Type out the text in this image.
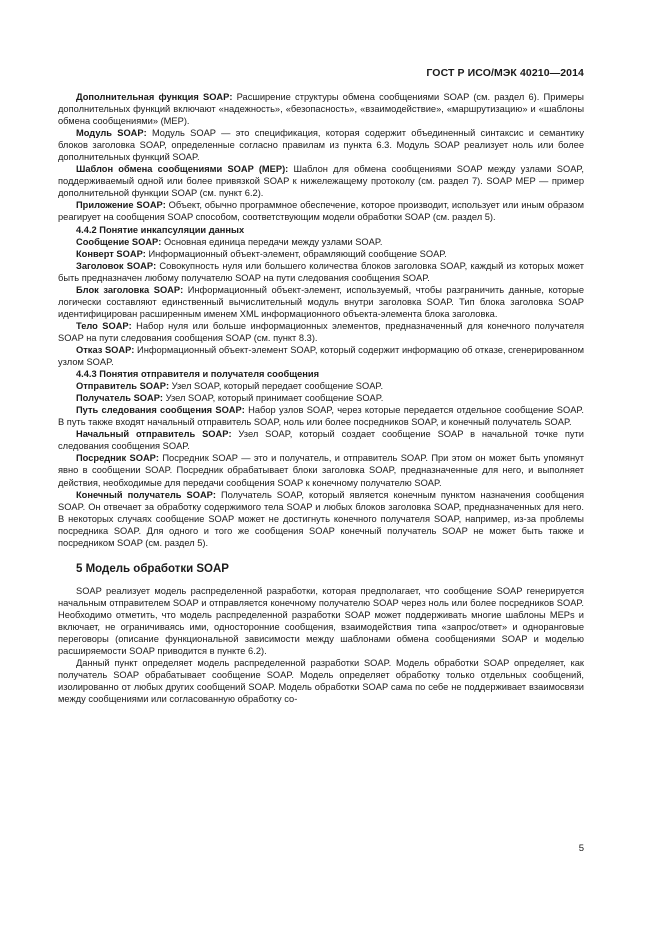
ГОСТ Р ИСО/МЭК 40210—2014

Дополнительная функция SOAP: Расширение структуры обмена сообщениями SOAP (см. раздел 6). Примеры дополнительных функций включают «надежность», «безопасность», «взаимодействие», «маршрутизацию» и «шаблоны обмена сообщениями» (MEP).

Модуль SOAP: Модуль SOAP — это спецификация, которая содержит объединенный синтаксис и семантику блоков заголовка SOAP, определенные согласно правилам из пункта 6.3. Модуль SOAP реализует ноль или более дополнительных функций SOAP.

Шаблон обмена сообщениями SOAP (MEP): Шаблон для обмена сообщениями SOAP между узлами SOAP, поддерживаемый одной или более привязкой SOAP к нижележащему протоколу (см. раздел 7). SOAP MEP — пример дополнительной функции SOAP (см. пункт 6.2).

Приложение SOAP: Объект, обычно программное обеспечение, которое производит, использует или иным образом реагирует на сообщения SOAP способом, соответствующим модели обработки SOAP (см. раздел 5).

4.4.2 Понятие инкапсуляции данных

Сообщение SOAP: Основная единица передачи между узлами SOAP.

Конверт SOAP: Информационный объект-элемент, обрамляющий сообщение SOAP.

Заголовок SOAP: Совокупность нуля или большего количества блоков заголовка SOAP, каждый из которых может быть предназначен любому получателю SOAP на пути следования сообщения SOAP.

Блок заголовка SOAP: Информационный объект-элемент, используемый, чтобы разграничить данные, которые логически составляют единственный вычислительный модуль внутри заголовка SOAP. Тип блока заголовка SOAP идентифицирован расширенным именем XML информационного объекта-элемента блока заголовка.

Тело SOAP: Набор нуля или больше информационных элементов, предназначенный для конечного получателя SOAP на пути следования сообщения SOAP (см. пункт 8.3).

Отказ SOAP: Информационный объект-элемент SOAP, который содержит информацию об отказе, сгенерированном узлом SOAP.

4.4.3 Понятия отправителя и получателя сообщения

Отправитель SOAP: Узел SOAP, который передает сообщение SOAP.

Получатель SOAP: Узел SOAP, который принимает сообщение SOAP.

Путь следования сообщения SOAP: Набор узлов SOAP, через которые передается отдельное сообщение SOAP. В путь также входят начальный отправитель SOAP, ноль или более посредников SOAP, и конечный получатель SOAP.

Начальный отправитель SOAP: Узел SOAP, который создает сообщение SOAP в начальной точке пути следования сообщения SOAP.

Посредник SOAP: Посредник SOAP — это и получатель, и отправитель SOAP. При этом он может быть упомянут явно в сообщении SOAP. Посредник обрабатывает блоки заголовка SOAP, предназначенные для него, и выполняет действия, необходимые для передачи сообщения SOAP к конечному получателю SOAP.

Конечный получатель SOAP: Получатель SOAP, который является конечным пунктом назначения сообщения SOAP. Он отвечает за обработку содержимого тела SOAP и любых блоков заголовка SOAP, предназначенных для него. В некоторых случаях сообщение SOAP может не достигнуть конечного получателя SOAP, например, из-за проблемы посредника SOAP. Для одного и того же сообщения SOAP конечный получатель SOAP не может быть также и посредником SOAP (см. раздел 5).

5 Модель обработки SOAP

SOAP реализует модель распределенной разработки, которая предполагает, что сообщение SOAP генерируется начальным отправителем SOAP и отправляется конечному получателю SOAP через ноль или более посредников SOAP. Необходимо отметить, что модель распределенной разработки SOAP может поддерживать многие шаблоны MEPs и включает, не ограничиваясь ими, односторонние сообщения, взаимодействия типа «запрос/ответ» и одноранговые переговоры (описание функциональной зависимости между шаблонами обмена сообщениями SOAP и моделью расширяемости SOAP приводится в пункте 6.2).

Данный пункт определяет модель распределенной разработки SOAP. Модель обработки SOAP определяет, как получатель SOAP обрабатывает сообщение SOAP. Модель определяет обработку только отдельных сообщений, изолированно от любых других сообщений SOAP. Модель обработки SOAP сама по себе не поддерживает взаимосвязи между сообщениями или согласованную обработку со-

5
